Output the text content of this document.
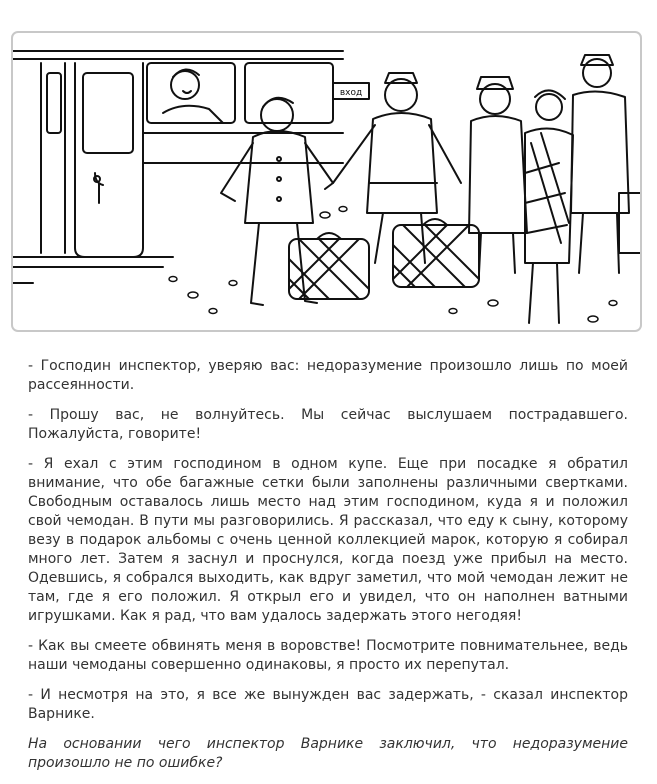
вход

- Господин инспектор, уверяю вас: недоразумение произошло лишь по моей рассеянности.

- Прошу вас, не волнуйтесь. Мы сейчас выслушаем пострадавшего. Пожалуйста, говорите!

- Я ехал с этим господином в одном купе. Еще при посадке я обратил внимание, что обе багажные сетки были заполнены различными свертками. Свободным оставалось лишь место над этим господином, куда я и положил свой чемодан. В пути мы разговорились. Я рассказал, что еду к сыну, которому везу в подарок альбомы с очень ценной коллекцией марок, которую я собирал много лет. Затем я заснул и проснулся, когда поезд уже прибыл на место. Одевшись, я собрался выходить, как вдруг заметил, что мой чемодан лежит не там, где я его положил. Я открыл его и увидел, что он наполнен ватными игрушками. Как я рад, что вам удалось задержать этого негодяя!

- Как вы смеете обвинять меня в воровстве! Посмотрите повнимательнее, ведь наши чемоданы совершенно одинаковы, я просто их перепутал.

- И несмотря на это, я все же вынужден вас задержать, - сказал инспектор Варнике.

На основании чего инспектор Варнике заключил, что недоразумение произошло не по ошибке?
